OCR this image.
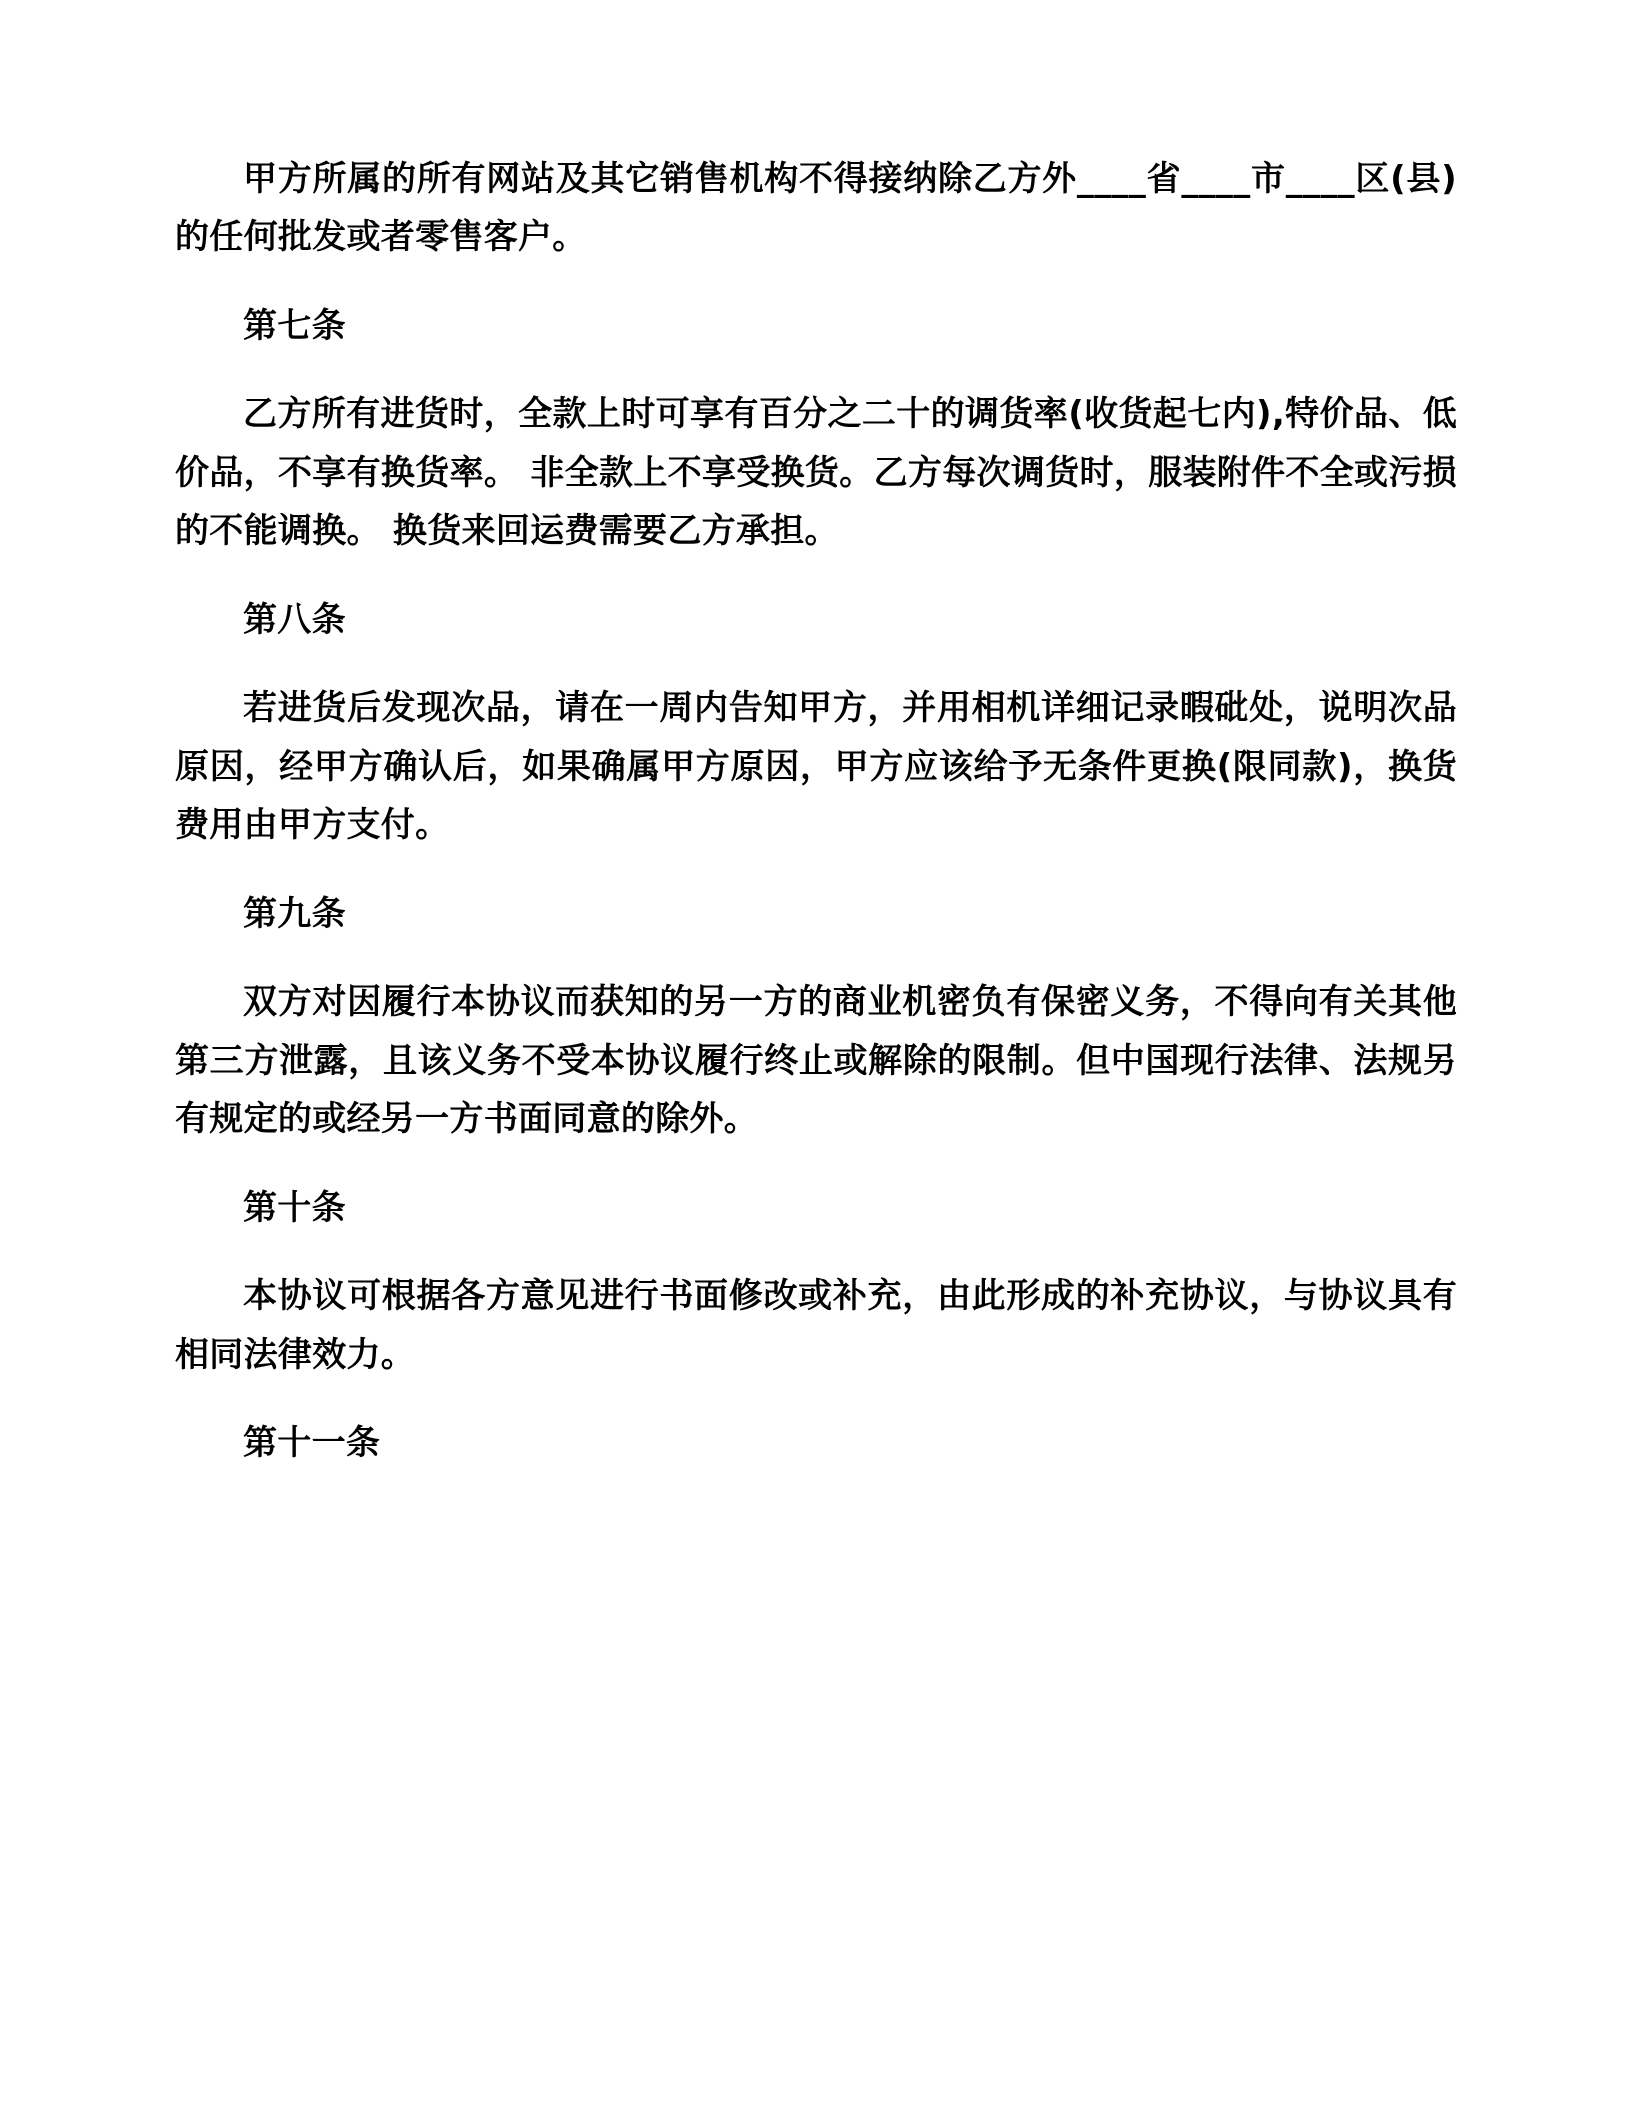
甲方所属的所有网站及其它销售机构不得接纳除乙方外____省____市____区(县)的任何批发或者零售客户。

第七条

乙方所有进货时，全款上时可享有百分之二十的调货率(收货起七内),特价品、低价品，不享有换货率。 非全款上不享受换货。乙方每次调货时，服装附件不全或污损的不能调换。 换货来回运费需要乙方承担。

第八条

若进货后发现次品，请在一周内告知甲方，并用相机详细记录暇砒处，说明次品原因，经甲方确认后，如果确属甲方原因，甲方应该给予无条件更换(限同款)，换货费用由甲方支付。

第九条

双方对因履行本协议而获知的另一方的商业机密负有保密义务，不得向有关其他第三方泄露，且该义务不受本协议履行终止或解除的限制。但中国现行法律、法规另有规定的或经另一方书面同意的除外。

第十条

本协议可根据各方意见进行书面修改或补充，由此形成的补充协议，与协议具有相同法律效力。

第十一条
